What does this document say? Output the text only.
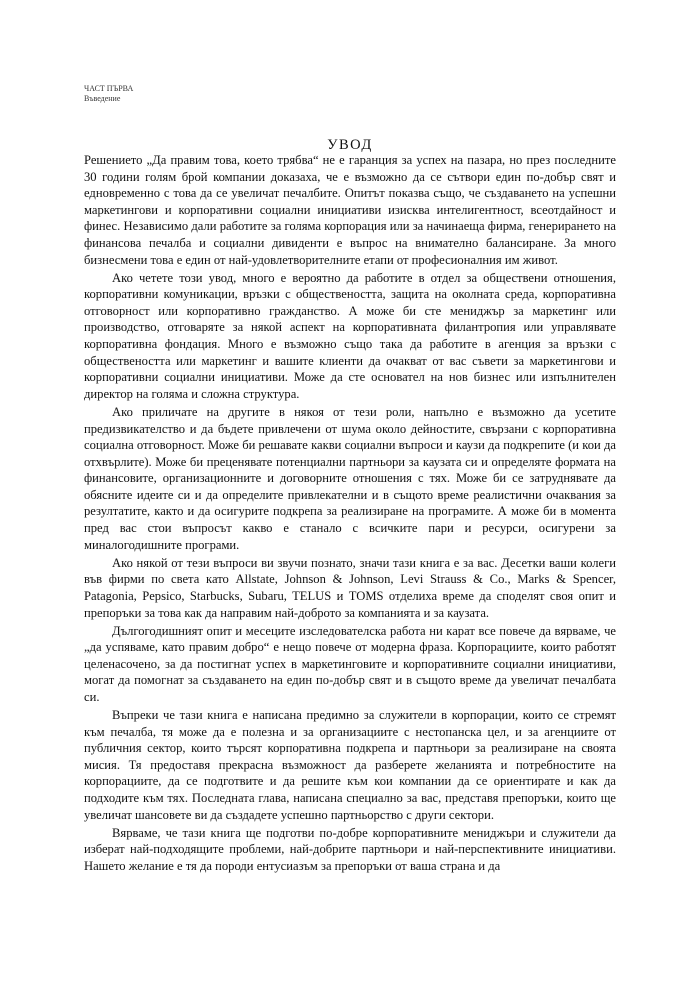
ЧАСТ ПЪРВА
Въведение
УВОД

Решението „Да правим това, което трябва“ не е гаранция за успех на пазара, но през последните 30 години голям брой компании доказаха, че е възможно да се сътвори един по-добър свят и едновременно с това да се увеличат печалбите. Опитът показва също, че създаването на успешни маркетингови и корпоративни социални инициативи изисква интелигентност, всеотдайност и финес. Независимо дали работите за голяма корпорация или за начинаеща фирма, генерирането на финансова печалба и социални дивиденти е въпрос на внимателно балансиране. За много бизнесмени това е един от най-удовлетворителните етапи от професионалния им живот.

Ако четете този увод, много е вероятно да работите в отдел за обществени отношения, корпоративни комуникации, връзки с обществеността, защита на околната среда, корпоративна отговорност или корпоративно гражданство. А може би сте мениджър за маркетинг или производство, отговаряте за някой аспект на корпоративната филантропия или управлявате корпоративна фондация. Много е възможно също така да работите в агенция за връзки с обществеността или маркетинг и вашите клиенти да очакват от вас съвети за маркетингови и корпоративни социални инициативи. Може да сте основател на нов бизнес или изпълнителен директор на голяма и сложна структура.

Ако приличате на другите в някоя от тези роли, напълно е възможно да усетите предизвикателство и да бъдете привлечени от шума около дейностите, свързани с корпоративна социална отговорност. Може би решавате какви социални въпроси и каузи да подкрепите (и кои да отхвърлите). Може би преценявате потенциални партньори за каузата си и определяте формата на финансовите, организационните и договорните отношения с тях. Може би се затруднявате да обясните идеите си и да определите привлекателни и в същото време реалистични очаквания за резултатите, както и да осигурите подкрепа за реализиране на програмите. А може би в момента пред вас стои въпросът какво е станало с всичките пари и ресурси, осигурени за миналогодишните програми.

Ако някой от тези въпроси ви звучи познато, значи тази книга е за вас. Десетки ваши колеги във фирми по света като Allstate, Johnson & Johnson, Levi Strauss & Co., Marks & Spencer, Patagonia, Pepsico, Starbucks, Subaru, TELUS и TOMS отделиха време да споделят своя опит и препоръки за това как да направим най-доброто за компанията и за каузата.

Дългогодишният опит и месеците изследователска работа ни карат все повече да вярваме, че „да успяваме, като правим добро“ е нещо повече от модерна фраза. Корпорациите, които работят целенасочено, за да постигнат успех в маркетинговите и корпоративните социални инициативи, могат да помогнат за създаването на един по-добър свят и в същото време да увеличат печалбата си.

Въпреки че тази книга е написана предимно за служители в корпорации, които се стремят към печалба, тя може да е полезна и за организациите с нестопанска цел, и за агенциите от публичния сектор, които търсят корпоративна подкрепа и партньори за реализиране на своята мисия. Тя предоставя прекрасна възможност да разберете желанията и потребностите на корпорациите, да се подготвите и да решите към кои компании да се ориентирате и как да подходите към тях. Последната глава, написана специално за вас, представя препоръки, които ще увеличат шансовете ви да създадете успешно партньорство с други сектори.

Вярваме, че тази книга ще подготви по-добре корпоративните мениджъри и служители да изберат най-подходящите проблеми, най-добрите партньори и най-перспективните инициативи. Нашето желание е тя да породи ентусиазъм за препоръки от ваша страна и да
